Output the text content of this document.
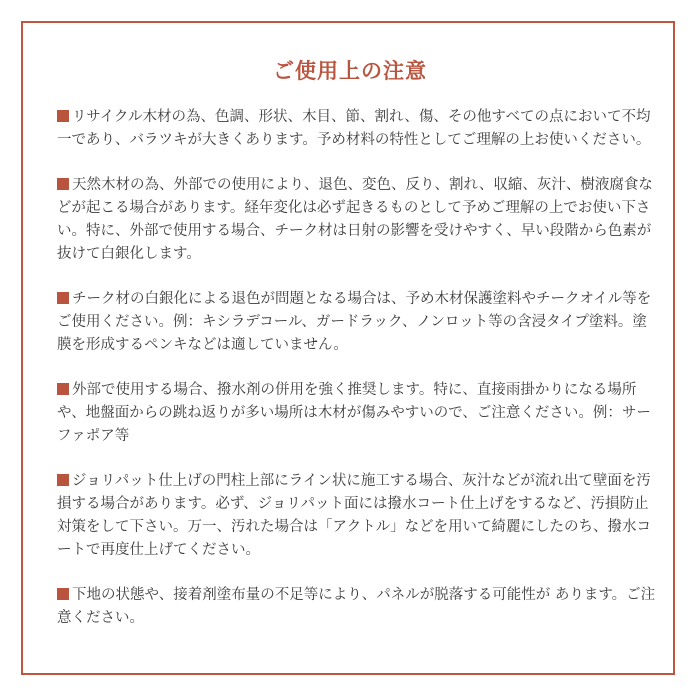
ご使用上の注意
リサイクル木材の為、色調、形状、木目、節、割れ、傷、その他すべての点において不均一であり、バラツキが大きくあります。予め材料の特性としてご理解の上お使いください。
天然木材の為、外部での使用により、退色、変色、反り、割れ、収縮、灰汁、樹液腐食などが起こる場合があります。経年変化は必ず起きるものとして予めご理解の上でお使い下さい。特に、外部で使用する場合、チーク材は日射の影響を受けやすく、早い段階から色素が抜けて白銀化します。
チーク材の白銀化による退色が問題となる場合は、予め木材保護塗料やチークオイル等をご使用ください。例：キシラデコール、ガードラック、ノンロット等の含浸タイプ塗料。塗膜を形成するペンキなどは適していません。
外部で使用する場合、撥水剤の併用を強く推奨します。特に、直接雨掛かりになる場所や、地盤面からの跳ね返りが多い場所は木材が傷みやすいので、ご注意ください。例：サーファポア等
ジョリパット仕上げの門柱上部にライン状に施工する場合、灰汁などが流れ出て壁面を汚損する場合があります。必ず、ジョリパット面には撥水コート仕上げをするなど、汚損防止対策をして下さい。万一、汚れた場合は「アクトル」などを用いて綺麗にしたのち、撥水コートで再度仕上げてください。
下地の状態や、接着剤塗布量の不足等により、パネルが脱落する可能性が あります。ご注意ください。
